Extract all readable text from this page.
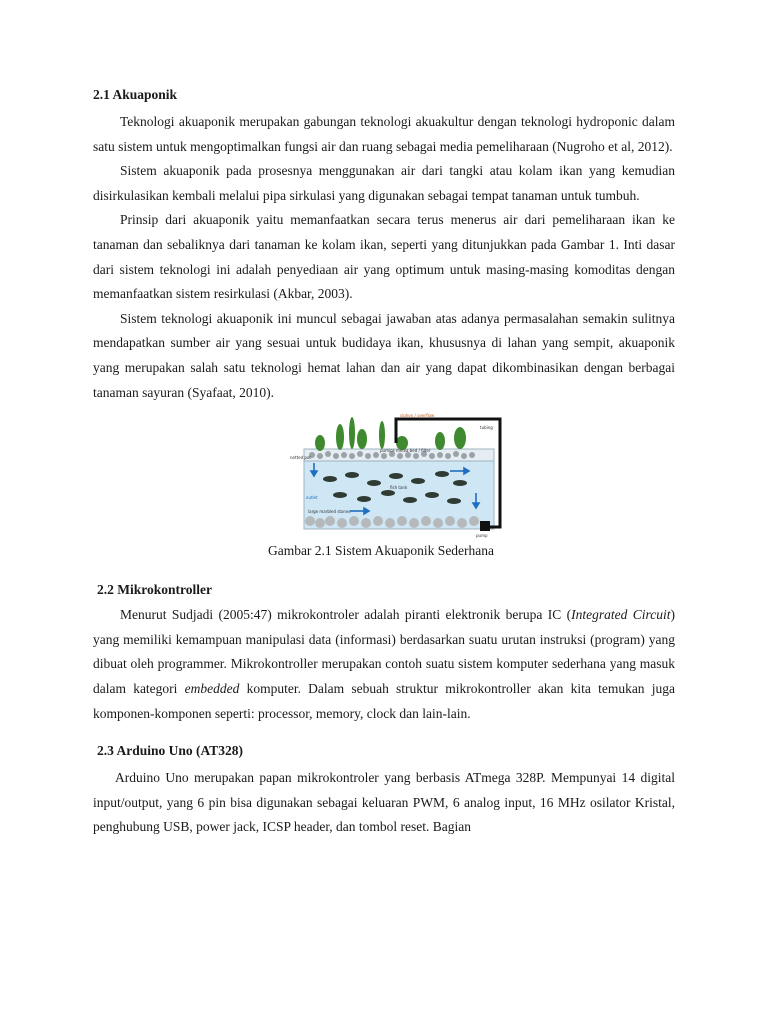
2.1 Akuaponik

Teknologi akuaponik merupakan gabungan teknologi akuakultur dengan teknologi hydroponic dalam satu sistem untuk mengoptimalkan fungsi air dan ruang sebagai media pemeliharaan (Nugroho et al, 2012).

Sistem akuaponik pada prosesnya menggunakan air dari tangki atau kolam ikan yang kemudian disirkulasikan kembali melalui pipa sirkulasi yang digunakan sebagai tempat tanaman untuk tumbuh.

Prinsip dari akuaponik yaitu memanfaatkan secara terus menerus air dari pemeliharaan ikan ke tanaman dan sebaliknya dari tanaman ke kolam ikan, seperti yang ditunjukkan pada Gambar 1. Inti dasar dari sistem teknologi ini adalah penyediaan air yang optimum untuk masing-masing komoditas dengan memanfaatkan sistem resirkulasi (Akbar, 2003).

Sistem teknologi akuaponik ini muncul sebagai jawaban atas adanya permasalahan semakin sulitnya mendapatkan sumber air yang sesuai untuk budidaya ikan, khususnya di lahan yang sempit, akuaponik yang merupakan salah satu teknologi hemat lahan dan air yang dapat dikombinasikan dengan berbagai tanaman sayuran (Syafaat, 2010).

siphon / overflow
pumice media bed / filter
tubing
netted pot
fish tank
large marbled stones
pump
outlet
Gambar 2.1 Sistem Akuaponik Sederhana
2.2 Mikrokontroller

Menurut Sudjadi (2005:47) mikrokontroler adalah piranti elektronik berupa IC (Integrated Circuit) yang memiliki kemampuan manipulasi data (informasi) berdasarkan suatu urutan instruksi (program) yang dibuat oleh programmer. Mikrokontroller merupakan contoh suatu sistem komputer sederhana yang masuk dalam kategori embedded komputer. Dalam sebuah struktur mikrokontroller akan kita temukan juga komponen-komponen seperti: processor, memory, clock dan lain-lain.

2.3 Arduino Uno (AT328)

Arduino Uno merupakan papan mikrokontroler yang berbasis ATmega 328P. Mempunyai 14 digital input/output, yang 6 pin bisa digunakan sebagai keluaran PWM, 6 analog input, 16 MHz osilator Kristal, penghubung USB, power jack, ICSP header, dan tombol reset. Bagian
